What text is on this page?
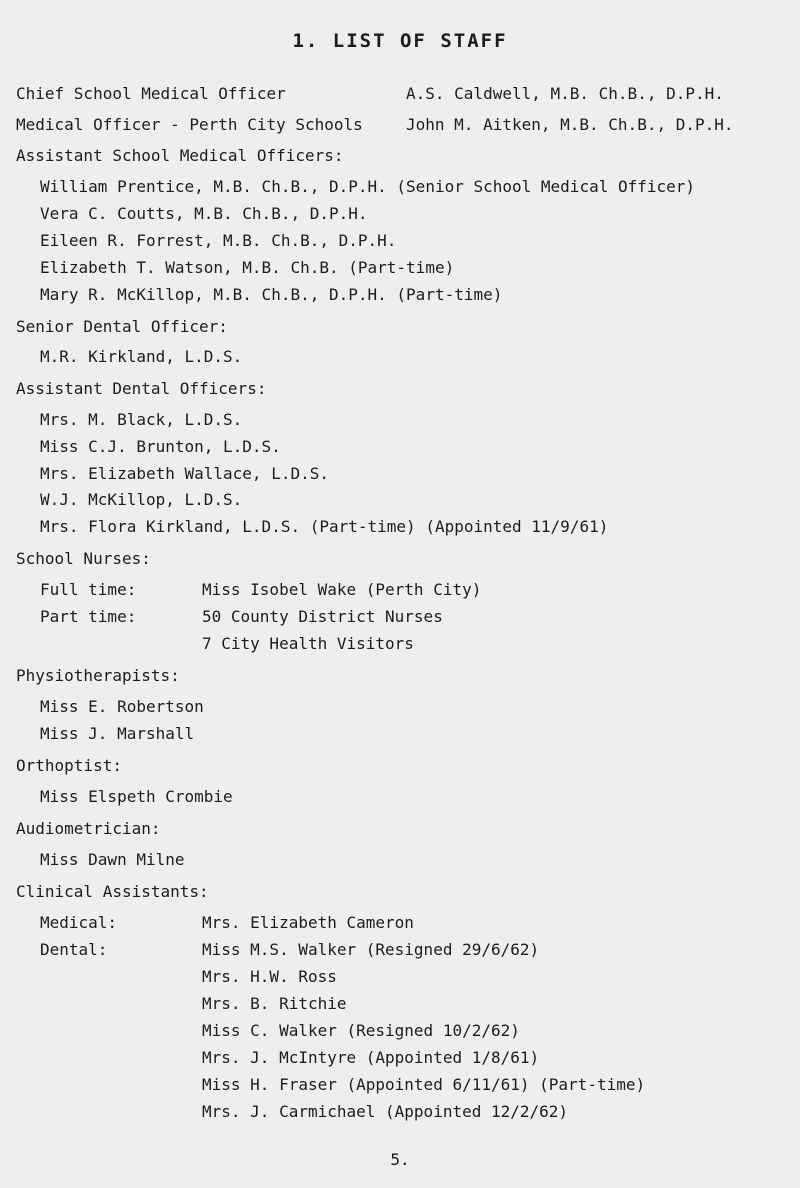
1. LIST OF STAFF
Chief School Medical Officer	A.S. Caldwell, M.B. Ch.B., D.P.H.
Medical Officer - Perth City Schools	John M. Aitken, M.B. Ch.B., D.P.H.
Assistant School Medical Officers:
William Prentice, M.B. Ch.B., D.P.H. (Senior School Medical Officer)
Vera C. Coutts, M.B. Ch.B., D.P.H.
Eileen R. Forrest, M.B. Ch.B., D.P.H.
Elizabeth T. Watson, M.B. Ch.B. (Part-time)
Mary R. McKillop, M.B. Ch.B., D.P.H. (Part-time)
Senior Dental Officer:
M.R. Kirkland, L.D.S.
Assistant Dental Officers:
Mrs. M. Black, L.D.S.
Miss C.J. Brunton, L.D.S.
Mrs. Elizabeth Wallace, L.D.S.
W.J. McKillop, L.D.S.
Mrs. Flora Kirkland, L.D.S. (Part-time) (Appointed 11/9/61)
School Nurses:
Full time:	Miss Isobel Wake (Perth City)
Part time:	50 County District Nurses
7 City Health Visitors
Physiotherapists:
Miss E. Robertson
Miss J. Marshall
Orthoptist:
Miss Elspeth Crombie
Audiometrician:
Miss Dawn Milne
Clinical Assistants:
Medical:	Mrs. Elizabeth Cameron
Dental:	Miss M.S. Walker (Resigned 29/6/62)
Mrs. H.W. Ross
Mrs. B. Ritchie
Miss C. Walker (Resigned 10/2/62)
Mrs. J. McIntyre (Appointed 1/8/61)
Miss H. Fraser (Appointed 6/11/61) (Part-time)
Mrs. J. Carmichael (Appointed 12/2/62)
5.
